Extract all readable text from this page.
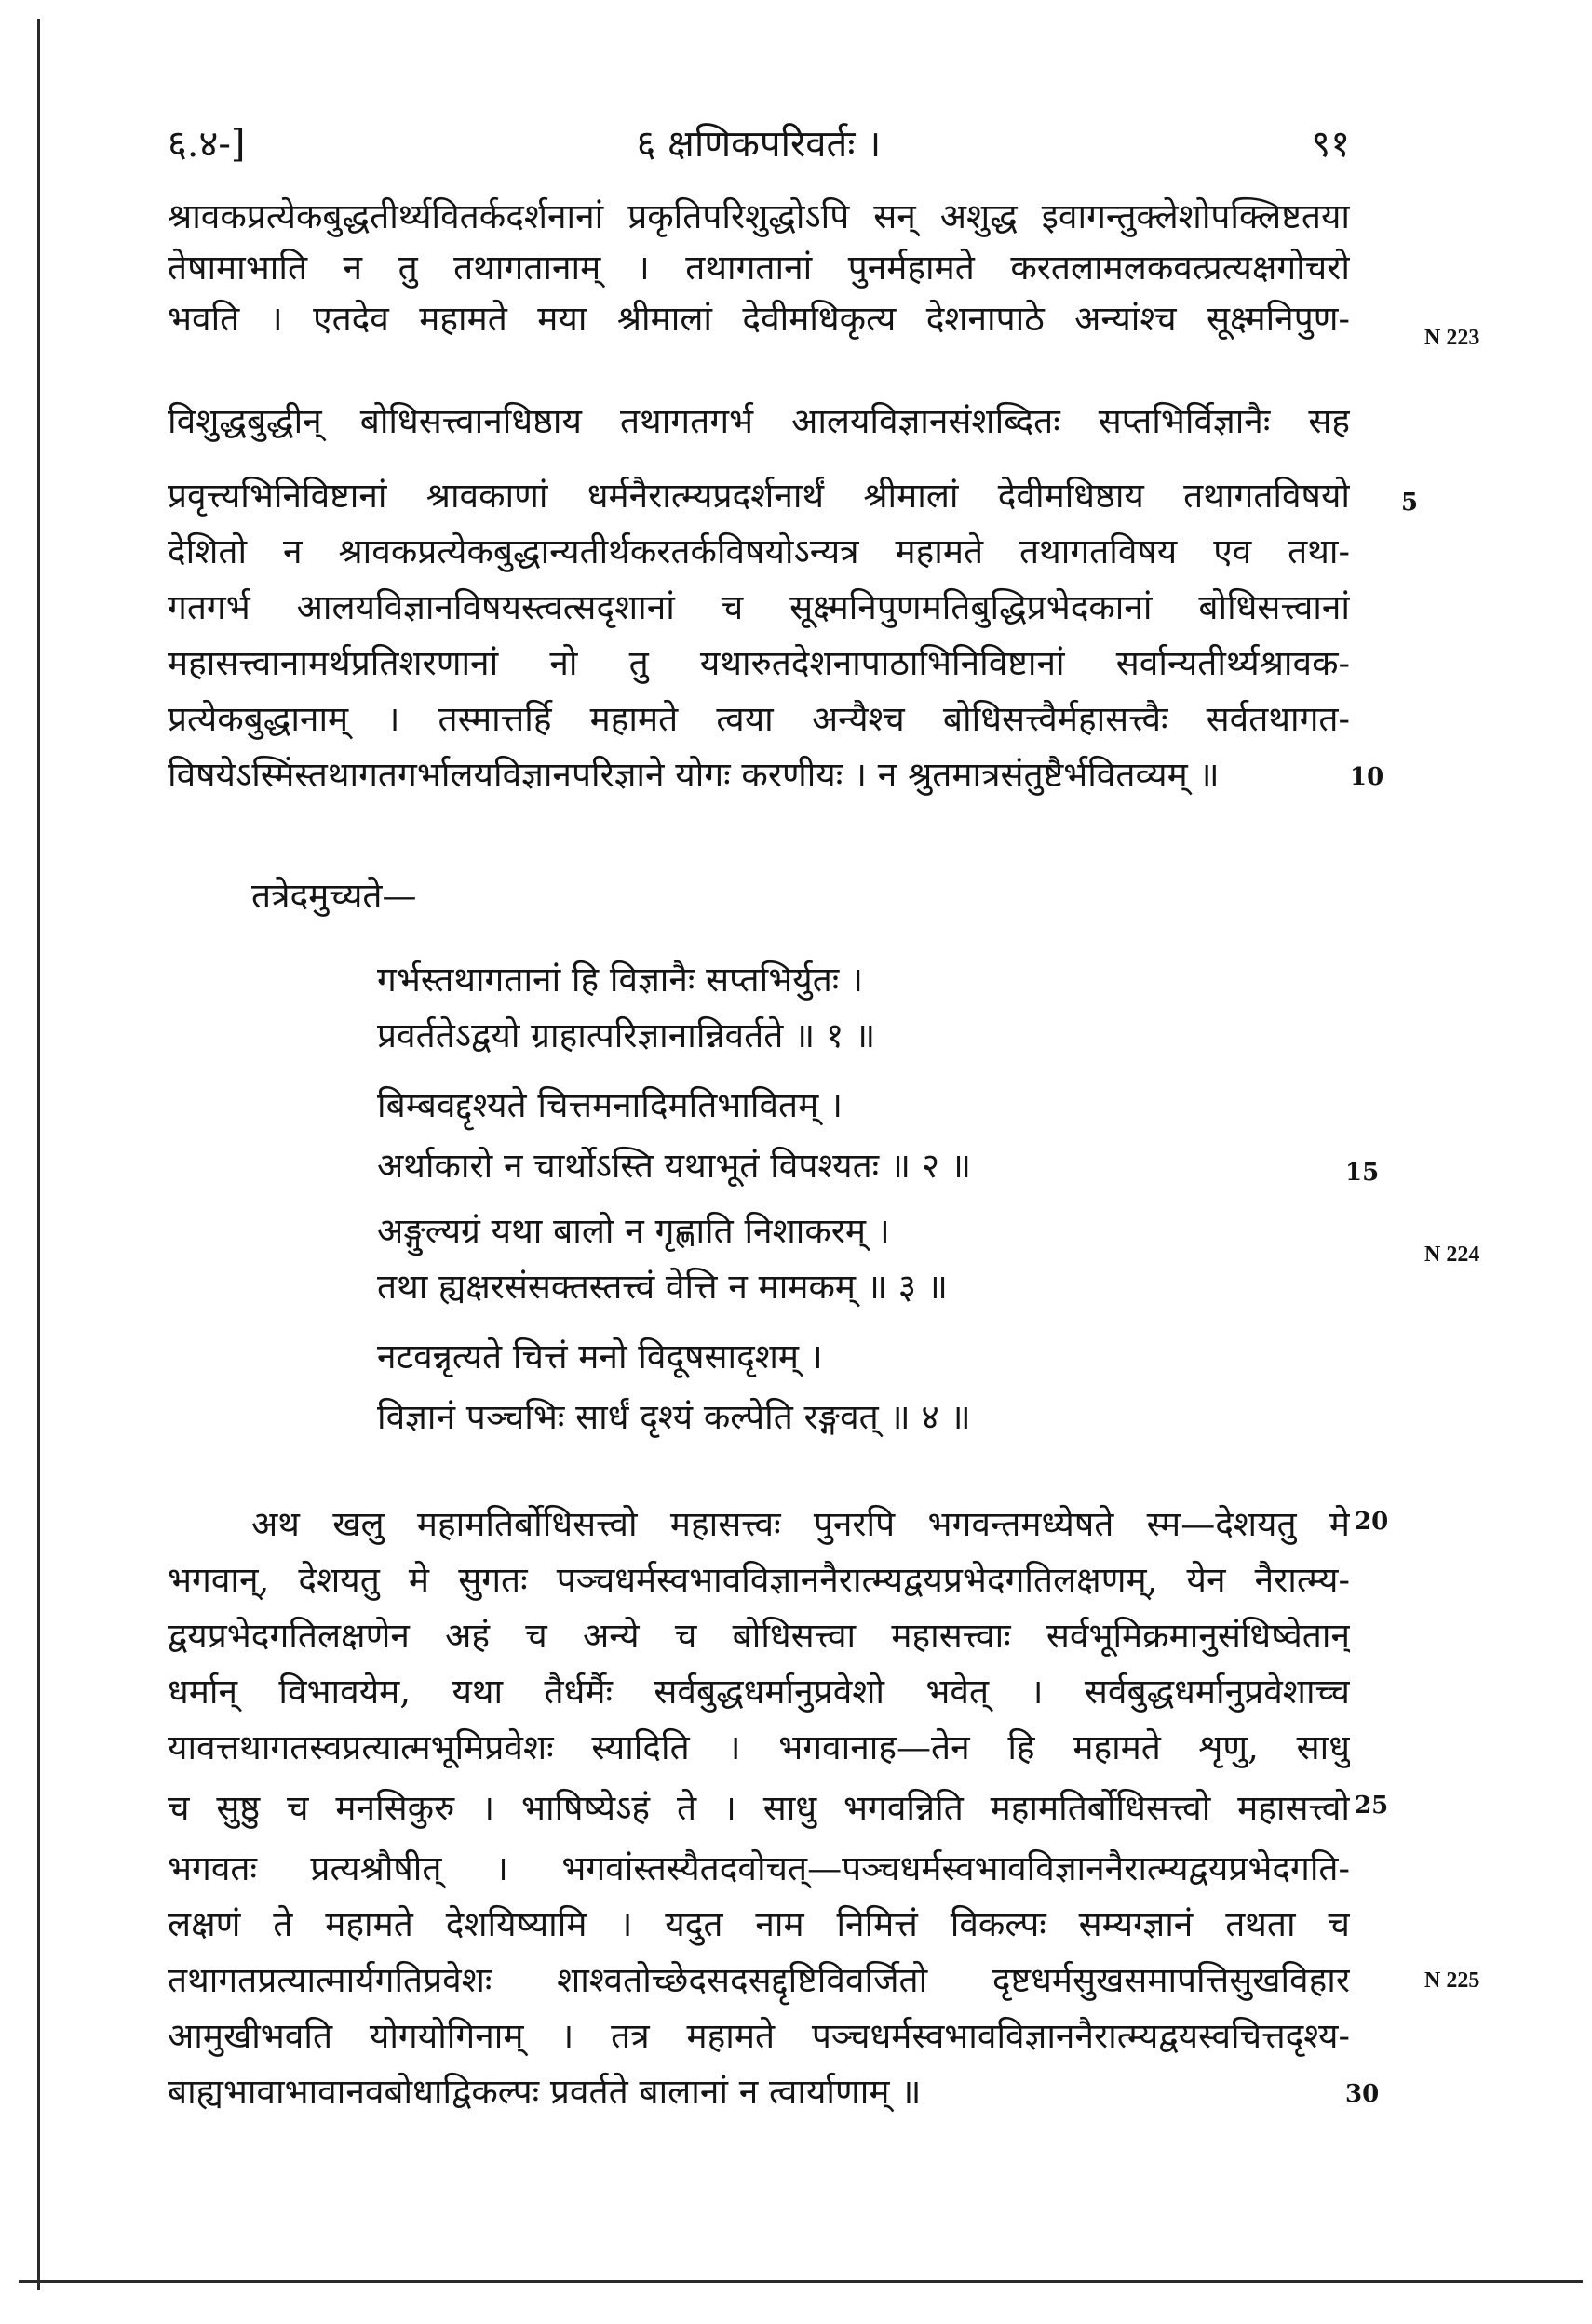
६.४-]	६ क्षणिकपरिवर्तः ।	९१
श्रावकप्रत्येकबुद्धतीर्थ्यवितर्कदर्शनानां प्रकृतिपरिशुद्धोऽपि सन् अशुद्ध इवागन्तुक्लेशोपक्लिष्टतया
तेषामाभाति न तु तथागतानाम् । तथागतानां पुनर्महामते करतलामलकवत्प्रत्यक्षगोचरो
भवति । एतदेव महामते मया श्रीमालां देवीमधिकृत्य देशनापाठे अन्यांश्च सूक्ष्मनिपुण-
विशुद्धबुद्धीन् बोधिसत्त्वानधिष्ठाय तथागतगर्भ आलयविज्ञानसंशब्दितः सप्तभिर्विज्ञानैः सह
प्रवृत्त्यभिनिविष्टानां श्रावकाणां धर्मनैरात्म्यप्रदर्शनार्थं श्रीमालां देवीमधिष्ठाय तथागतविषयो
देशितो न श्रावकप्रत्येकबुद्धान्यतीर्थकरतर्कविषयोऽन्यत्र महामते तथागतविषय एव तथा-
गतगर्भ आलयविज्ञानविषयस्त्वत्सदृशानां च सूक्ष्मनिपुणमतिबुद्धिप्रभेदकानां बोधिसत्त्वानां
महासत्त्वानामर्थप्रतिशरणानां नो तु यथारुतदेशनापाठाभिनिविष्टानां सर्वान्यतीर्थ्यश्रावक-
प्रत्येकबुद्धानाम् । तस्मात्तर्हि महामते त्वया अन्यैश्च बोधिसत्त्वैर्महासत्त्वैः सर्वतथागत-
विषयेऽस्मिंस्तथागतगर्भालयविज्ञानपरिज्ञाने योगः करणीयः । न श्रुतमात्रसंतुष्टैर्भवितव्यम् ॥
तत्रेदमुच्यते—
गर्भस्तथागतानां हि विज्ञानैः सप्तभिर्युतः ।
प्रवर्ततेऽद्वयो ग्राहात्परिज्ञानान्निवर्तते ॥ १ ॥
बिम्बवद्दृश्यते चित्तमनादिमतिभावितम् ।
अर्थाकारो न चार्थोऽस्ति यथाभूतं विपश्यतः ॥ २ ॥
अङ्गुल्यग्रं यथा बालो न गृह्णाति निशाकरम् ।
तथा ह्यक्षरसंसक्तस्तत्त्वं वेत्ति न मामकम् ॥ ३ ॥
नटवन्नृत्यते चित्तं मनो विदूषसादृशम् ।
विज्ञानं पञ्चभिः सार्धं दृश्यं कल्पेति रङ्गवत् ॥ ४ ॥
अथ खलु महामतिर्बोधिसत्त्वो महासत्त्वः पुनरपि भगवन्तमध्येषते स्म—देशयतु मे
भगवान्, देशयतु मे सुगतः पञ्चधर्मस्वभावविज्ञाननैरात्म्यद्वयप्रभेदगतिलक्षणम्, येन नैरात्म्य-
द्वयप्रभेदगतिलक्षणेन अहं च अन्ये च बोधिसत्त्वा महासत्त्वाः सर्वभूमिक्रमानुसंधिष्वेतान्
धर्मान् विभावयेम, यथा तैर्धर्मैः सर्वबुद्धधर्मानुप्रवेशो भवेत् । सर्वबुद्धधर्मानुप्रवेशाच्च
यावत्तथागतस्वप्रत्यात्मभूमिप्रवेशः स्यादिति । भगवानाह—तेन हि महामते शृणु, साधु
च सुष्ठु च मनसिकुरु । भाषिष्येऽहं ते । साधु भगवन्निति महामतिर्बोधिसत्त्वो महासत्त्वो
भगवतः प्रत्यश्रौषीत् । भगवांस्तस्यैतदवोचत्—पञ्चधर्मस्वभावविज्ञाननैरात्म्यद्वयप्रभेदगति-
लक्षणं ते महामते देशयिष्यामि । यदुत नाम निमित्तं विकल्पः सम्यग्ज्ञानं तथता च
तथागतप्रत्यात्मार्यगतिप्रवेशः शाश्वतोच्छेदसदसद्दृष्टिविवर्जितो दृष्टधर्मसुखसमापत्तिसुखविहार
आमुखीभवति योगयोगिनाम् । तत्र महामते पञ्चधर्मस्वभावविज्ञाननैरात्म्यद्वयस्वचित्तदृश्य-
बाह्यभावाभावानवबोधाद्विकल्पः प्रवर्तते बालानां न त्वार्याणाम् ॥
5
10
15
20
25
30
N 223
N 224
N 225
